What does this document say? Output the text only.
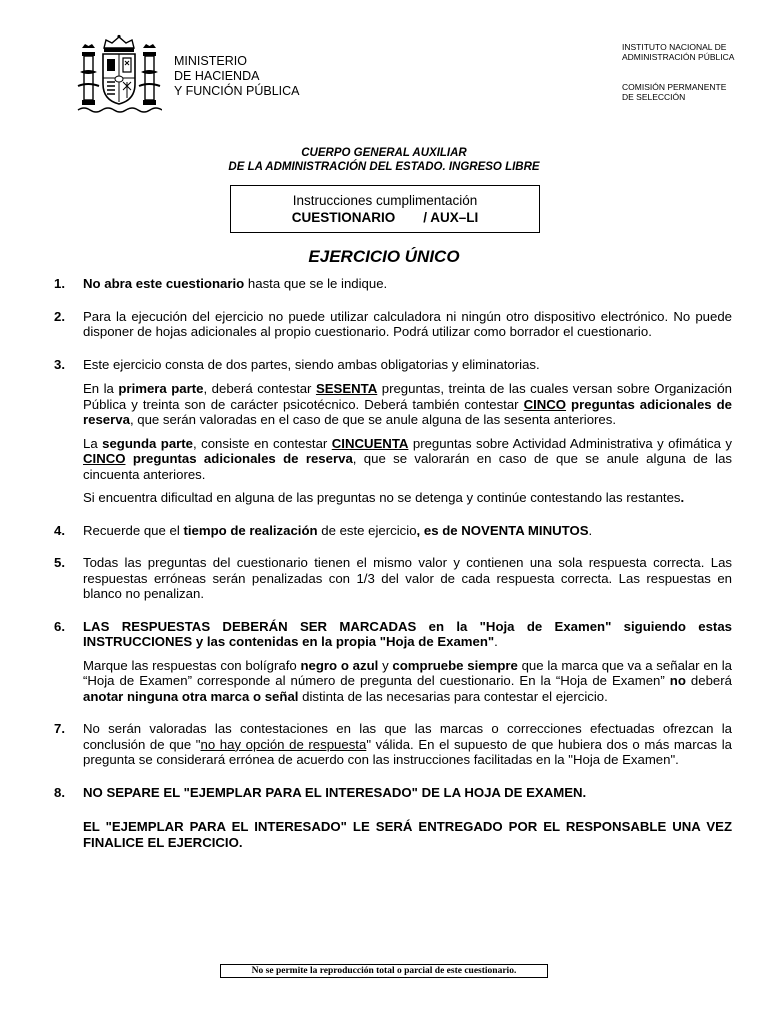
MINISTERIO
DE HACIENDA
Y FUNCIÓN PÚBLICA
INSTITUTO NACIONAL DE
ADMINISTRACIÓN PÚBLICA
COMISIÓN PERMANENTE
DE SELECCIÓN
CUERPO GENERAL AUXILIAR
DE LA ADMINISTRACIÓN DEL ESTADO. INGRESO LIBRE
Instrucciones cumplimentación
CUESTIONARIO / AUX–LI
EJERCICIO ÚNICO
1. No abra este cuestionario hasta que se le indique.

2. Para la ejecución del ejercicio no puede utilizar calculadora ni ningún otro dispositivo electrónico. No puede disponer de hojas adicionales al propio cuestionario. Podrá utilizar como borrador el cuestionario.

3. Este ejercicio consta de dos partes, siendo ambas obligatorias y eliminatorias.

En la primera parte, deberá contestar SESENTA preguntas, treinta de las cuales versan sobre Organización Pública y treinta son de carácter psicotécnico. Deberá también contestar CINCO preguntas adicionales de reserva, que serán valoradas en el caso de que se anule alguna de las sesenta anteriores.

La segunda parte, consiste en contestar CINCUENTA preguntas sobre Actividad Administrativa y ofimática y CINCO preguntas adicionales de reserva, que se valorarán en caso de que se anule alguna de las cincuenta anteriores.

Si encuentra dificultad en alguna de las preguntas no se detenga y continúe contestando las restantes.

4. Recuerde que el tiempo de realización de este ejercicio, es de NOVENTA MINUTOS.

5. Todas las preguntas del cuestionario tienen el mismo valor y contienen una sola respuesta correcta. Las respuestas erróneas serán penalizadas con 1/3 del valor de cada respuesta correcta. Las respuestas en blanco no penalizan.

6. LAS RESPUESTAS DEBERÁN SER MARCADAS en la "Hoja de Examen" siguiendo estas INSTRUCCIONES y las contenidas en la propia "Hoja de Examen".

Marque las respuestas con bolígrafo negro o azul y compruebe siempre que la marca que va a señalar en la “Hoja de Examen” corresponde al número de pregunta del cuestionario. En la “Hoja de Examen” no deberá anotar ninguna otra marca o señal distinta de las necesarias para contestar el ejercicio.

7. No serán valoradas las contestaciones en las que las marcas o correcciones efectuadas ofrezcan la conclusión de que "no hay opción de respuesta" válida. En el supuesto de que hubiera dos o más marcas la pregunta se considerará errónea de acuerdo con las instrucciones facilitadas en la "Hoja de Examen".

8. NO SEPARE EL "EJEMPLAR PARA EL INTERESADO" DE LA HOJA DE EXAMEN.

EL "EJEMPLAR PARA EL INTERESADO" LE SERÁ ENTREGADO POR EL RESPONSABLE UNA VEZ FINALICE EL EJERCICIO.

No se permite la reproducción total o parcial de este cuestionario.
